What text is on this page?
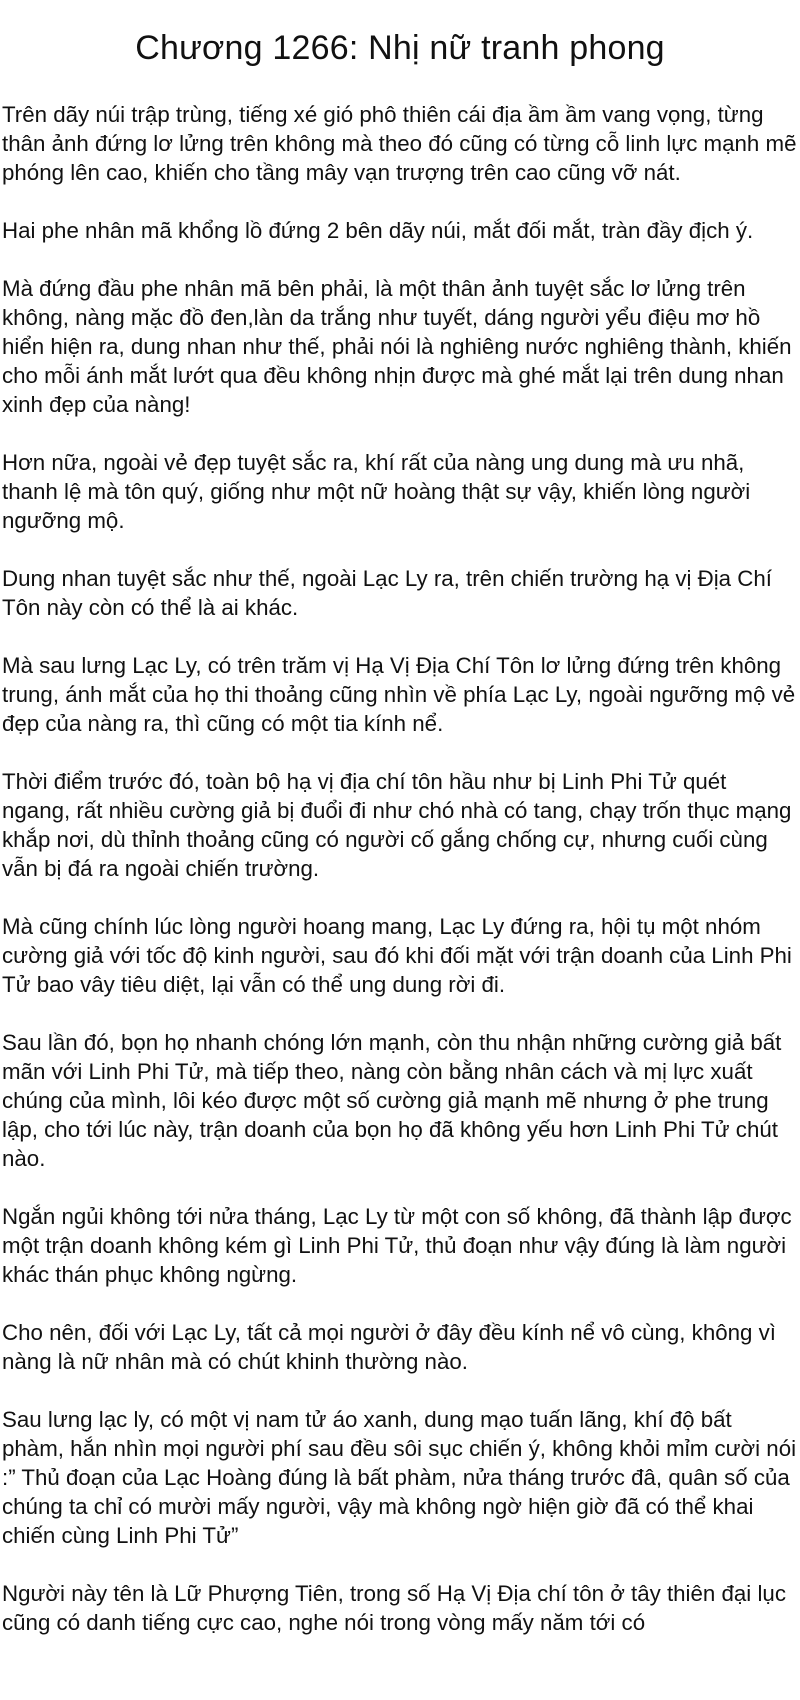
Chương 1266: Nhị nữ tranh phong

Trên dãy núi trập trùng, tiếng xé gió phô thiên cái địa ầm ầm vang vọng, từng thân ảnh đứng lơ lửng trên không mà theo đó cũng có từng cỗ linh lực mạnh mẽ phóng lên cao, khiến cho tầng mây vạn trượng trên cao cũng vỡ nát.

Hai phe nhân mã khổng lồ đứng 2 bên dãy núi, mắt đối mắt, tràn đầy địch ý.

Mà đứng đầu phe nhân mã bên phải, là một thân ảnh tuyệt sắc lơ lửng trên không, nàng mặc đồ đen,làn da trắng như tuyết, dáng người yểu điệu mơ hồ hiển hiện ra, dung nhan như thế, phải nói là nghiêng nước nghiêng thành, khiến cho mỗi ánh mắt lướt qua đều không nhịn được mà ghé mắt lại trên dung nhan xinh đẹp của nàng!

Hơn nữa, ngoài vẻ đẹp tuyệt sắc ra, khí rất của nàng ung dung mà ưu nhã, thanh lệ mà tôn quý, giống như một nữ hoàng thật sự vậy, khiến lòng người ngưỡng mộ.

Dung nhan tuyệt sắc như thế, ngoài Lạc Ly ra, trên chiến trường hạ vị Địa Chí Tôn này còn có thể là ai khác.

Mà sau lưng Lạc Ly, có trên trăm vị Hạ Vị Địa Chí Tôn lơ lửng đứng trên không trung, ánh mắt của họ thi thoảng cũng nhìn về phía Lạc Ly, ngoài ngưỡng mộ vẻ đẹp của nàng ra, thì cũng có một tia kính nể.

Thời điểm trước đó, toàn bộ hạ vị địa chí tôn hầu như bị Linh Phi Tử quét ngang, rất nhiều cường giả bị đuổi đi như chó nhà có tang, chạy trốn thục mạng khắp nơi, dù thỉnh thoảng cũng có người cố gắng chống cự, nhưng cuối cùng vẫn bị đá ra ngoài chiến trường.

Mà cũng chính lúc lòng người hoang mang, Lạc Ly đứng ra, hội tụ một nhóm cường giả với tốc độ kinh người, sau đó khi đối mặt với trận doanh của Linh Phi Tử bao vây tiêu diệt, lại vẫn có thể ung dung rời đi.

Sau lần đó, bọn họ nhanh chóng lớn mạnh, còn thu nhận những cường giả bất mãn với Linh Phi Tử, mà tiếp theo, nàng còn bằng nhân cách và mị lực xuất chúng của mình, lôi kéo được một số cường giả mạnh mẽ nhưng ở phe trung lập, cho tới lúc này, trận doanh của bọn họ đã không yếu hơn Linh Phi Tử chút nào.

Ngắn ngủi không tới nửa tháng, Lạc Ly từ một con số không, đã thành lập được một trận doanh không kém gì Linh Phi Tử, thủ đoạn như vậy đúng là làm người khác thán phục không ngừng.

Cho nên, đối với Lạc Ly, tất cả mọi người ở đây đều kính nể vô cùng, không vì nàng là nữ nhân mà có chút khinh thường nào.

Sau lưng lạc ly, có một vị nam tử áo xanh, dung mạo tuấn lãng, khí độ bất phàm, hắn nhìn mọi người phí sau đều sôi sục chiến ý, không khỏi mỉm cười nói :” Thủ đoạn của Lạc Hoàng đúng là bất phàm, nửa tháng trước đâ, quân số của chúng ta chỉ có mười mấy người, vậy mà không ngờ hiện giờ đã có thể khai chiến cùng Linh Phi Tử”

Người này tên là Lữ Phượng Tiên, trong số Hạ Vị Địa chí tôn ở tây thiên đại lục cũng có danh tiếng cực cao, nghe nói trong vòng mấy năm tới có
